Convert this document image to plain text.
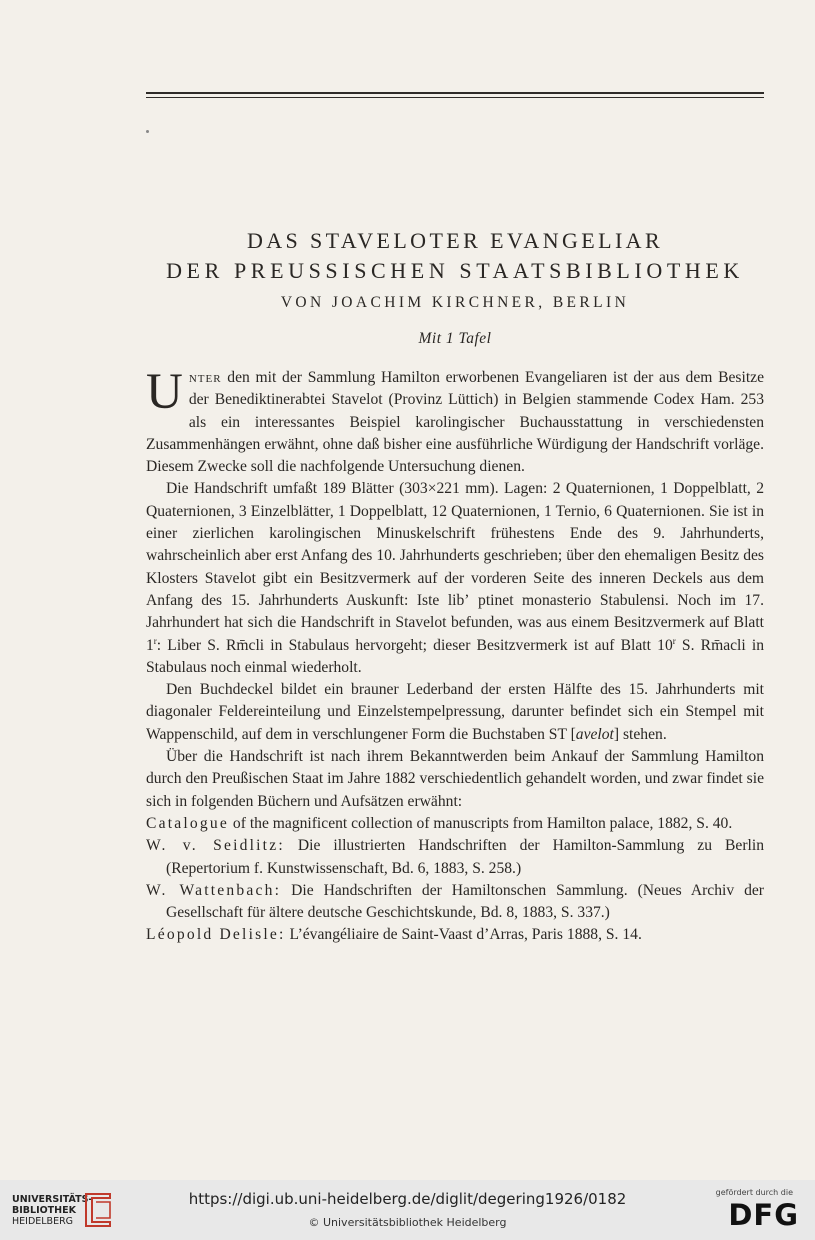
DAS STAVELOTER EVANGELIAR
DER PREUSSISCHEN STAATSBIBLIOTHEK
VON JOACHIM KIRCHNER, BERLIN
Mit 1 Tafel

Unter den mit der Sammlung Hamilton erworbenen Evangeliaren ist der aus dem Besitze der Benediktinerabtei Stavelot (Provinz Lüttich) in Belgien stammende Codex Ham. 253 als ein interessantes Beispiel karolingischer Buchausstattung in verschiedensten Zusammenhängen erwähnt, ohne daß bisher eine ausführliche Würdigung der Handschrift vorläge. Diesem Zwecke soll die nachfolgende Untersuchung dienen.

Die Handschrift umfaßt 189 Blätter (303×221 mm). Lagen: 2 Quaternionen, 1 Doppelblatt, 2 Quaternionen, 3 Einzelblätter, 1 Doppelblatt, 12 Quaternionen, 1 Ternio, 6 Quaternionen. Sie ist in einer zierlichen karolingischen Minuskelschrift frühestens Ende des 9. Jahrhunderts, wahrscheinlich aber erst Anfang des 10. Jahrhunderts geschrieben; über den ehemaligen Besitz des Klosters Stavelot gibt ein Besitzvermerk auf der vorderen Seite des inneren Deckels aus dem Anfang des 15. Jahrhunderts Auskunft: Iste libʼ ptinet monasterio Stabulensi. Noch im 17. Jahrhundert hat sich die Handschrift in Stavelot befunden, was aus einem Besitzvermerk auf Blatt 1$^r$: Liber S. Rm̄cli in Stabulaus hervorgeht; dieser Besitzvermerk ist auf Blatt 10$^r$ S. Rm̄acli in Stabulaus noch einmal wiederholt.

Den Buchdeckel bildet ein brauner Lederband der ersten Hälfte des 15. Jahrhunderts mit diagonaler Feldereinteilung und Einzelstempelpressung, darunter befindet sich ein Stempel mit Wappenschild, auf dem in verschlungener Form die Buchstaben ST [avelot] stehen.

Über die Handschrift ist nach ihrem Bekanntwerden beim Ankauf der Sammlung Hamilton durch den Preußischen Staat im Jahre 1882 verschiedentlich gehandelt worden, und zwar findet sie sich in folgenden Büchern und Aufsätzen erwähnt:

Catalogue of the magnificent collection of manuscripts from Hamilton palace, 1882, S. 40.

W. v. Seidlitz: Die illustrierten Handschriften der Hamilton-Sammlung zu Berlin (Repertorium f. Kunstwissenschaft, Bd. 6, 1883, S. 258.)

W. Wattenbach: Die Handschriften der Hamiltonschen Sammlung. (Neues Archiv der Gesellschaft für ältere deutsche Geschichtskunde, Bd. 8, 1883, S. 337.)

Léopold Delisle: L’évangéliaire de Saint-Vaast d’Arras, Paris 1888, S. 14.

UNIVERSITÄTS-
BIBLIOTHEK
HEIDELBERG
https://digi.ub.uni-heidelberg.de/diglit/degering1926/0182
© Universitätsbibliothek Heidelberg
gefördert durch die
DFG
